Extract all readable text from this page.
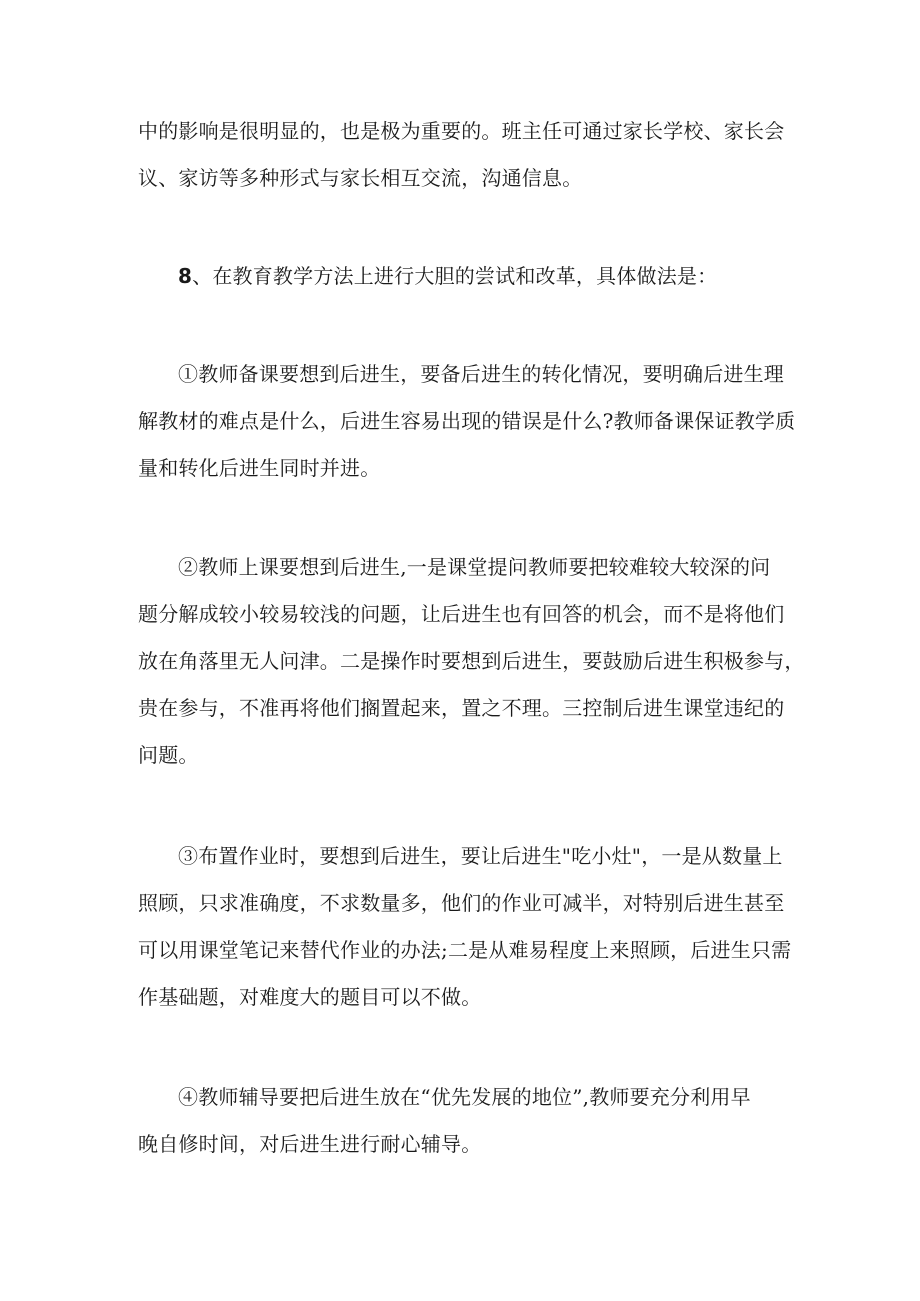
中的影响是很明显的，也是极为重要的。班主任可通过家长学校、家长会
议、家访等多种形式与家长相互交流，沟通信息。

8、在教育教学方法上进行大胆的尝试和改革，具体做法是：

①教师备课要想到后进生，要备后进生的转化情况，要明确后进生理
解教材的难点是什么，后进生容易出现的错误是什么?教师备课保证教学质
量和转化后进生同时并进。

②教师上课要想到后进生,一是课堂提问教师要把较难较大较深的问
题分解成较小较易较浅的问题，让后进生也有回答的机会，而不是将他们
放在角落里无人问津。二是操作时要想到后进生，要鼓励后进生积极参与，
贵在参与，不准再将他们搁置起来，置之不理。三控制后进生课堂违纪的
问题。

③布置作业时，要想到后进生，要让后进生"吃小灶"，一是从数量上
照顾，只求准确度，不求数量多，他们的作业可减半，对特别后进生甚至
可以用课堂笔记来替代作业的办法;二是从难易程度上来照顾，后进生只需
作基础题，对难度大的题目可以不做。

④教师辅导要把后进生放在“优先发展的地位”,教师要充分利用早
晚自修时间，对后进生进行耐心辅导。
